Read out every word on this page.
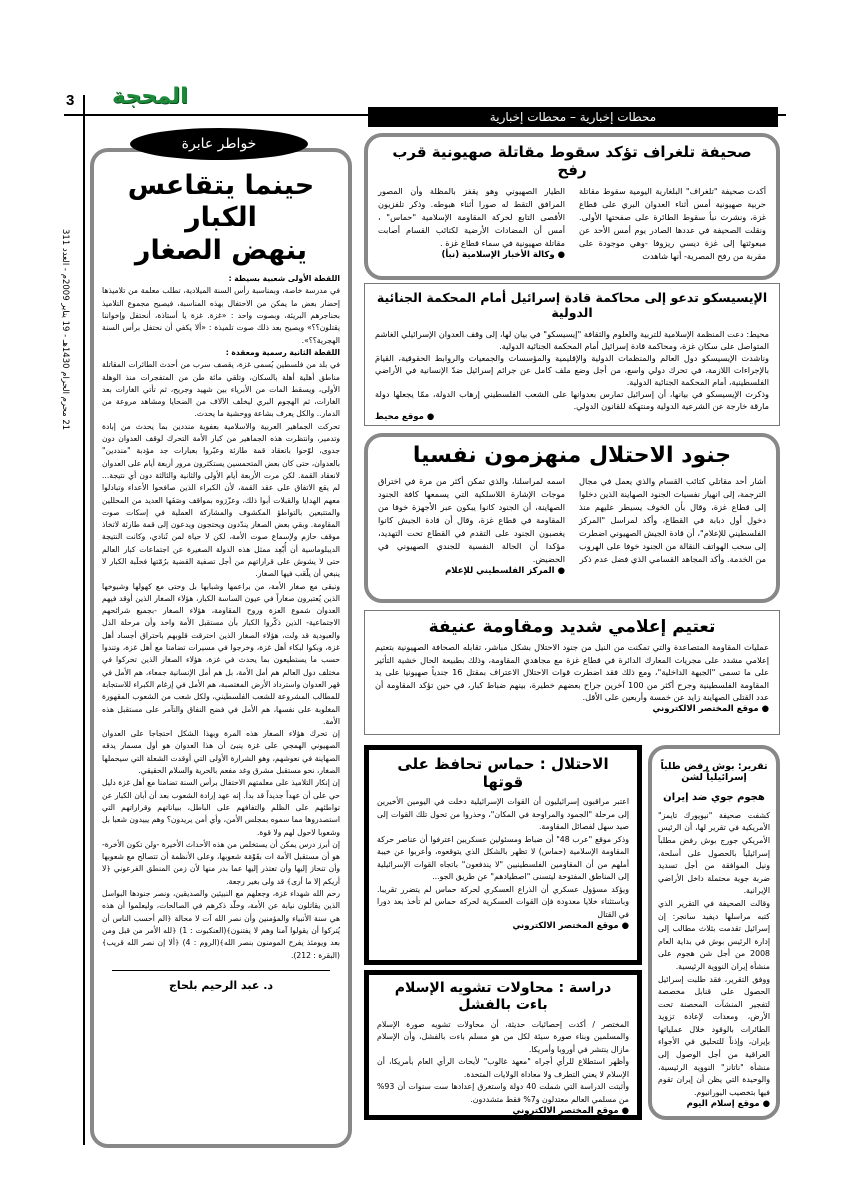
3 المحجة
21 محرم الحرام 1430هـ - 19 يناير 2009م - العدد 311
محطات إخبارية – محطات إخبارية
حينما يتقاعس الكبار
ينهض الصغار
اللقطة الأولى شعبية بسيطة :
في مدرسة خاصة، وبمناسبة رأس السنة الميلادية، تطلب معلمة من تلاميذها إحضار بعض ما يمكن من الاحتفال بهذه المناسبة، فيصيح مجموع التلاميذ بحناجرهم البريئة، وبصوت واحد : «غزة. غزة يا أستاذة، أنحتفل وإخواننا يقتلون؟؟» ويصيح بعد ذلك صوت تلميذة : «ألا يكفي أن نحتفل برأس السنة الهجرية؟؟».
اللقطة الثانية رسمية ومعقدة :
في بلد من فلسطين يُسمى غزة، يقصف سرب من أحدث الطائرات المقاتلة مناطق أهلية أهلة بالسكان، وتلقي مائة طن من المتفجرات منذ الوهلة الأولى، ويسقط المات من الأبرياء بين شهيد وجريح، ثم تأتي الغارات بعد الغارات، ثم الهجوم البري ليخلف الآلاف من الضحايا ومشاهد مروعة من الدمار.. والكل يعرف بشاعة ووحشية ما يحدث.
تحركت الجماهير العربية والاسلامية بعفوية منددين بما يحدث من إبادة وتدمير، وانتظرت هذه الجماهير من كبار الأمة التحرك لوقف العدوان دون جدوى، لوّحوا بانعقاد قمة طارئة وعبّروا بعبارات جد مؤدبة "منددين" بالعدوان، حتى كان بعض المتحمسين يستكثرون مرور أربعة أيام على العدوان لانعقاد القمة. لكن مرت الأربعة أيام الأولى والثانية والثالثة دون أي نتيجة... لم يقع الاتفاق على عقد القمة، لأن الكبراء الذين صافحوا الأعداء وتبادلوا معهم الهدايا والقبلات أبوا ذلك، وعزّزوه بمواقف وصَفَها العديد من المحللين والمتتبعين بالتواطؤ المكشوف والمشاركة العملية في إسكات صوت المقاومة. وبقي بعض الصغار يندّدون ويحتجون ويدعون إلى قمة طارئة لاتخاذ موقف حازم ولإسماع صوت الأمة، لكن لا حياة لمن تُنادي، وكانت النتيجة الديبلوماسية أن أُبْعِد ممثل هذه الدولة الصغيرة عن اجتماعات كبار العالم حتى لا يشوش على قراراتهم من أجل تصفية القضية برُمّتها فحلَبة الكبار لا ينبغي أن يلْعَب فيها الصغار.
ونبقى مع صغار الأمة، من براعمها وشبابها بل وحتى مع كهولها وشيوخها الذين يُعتبرون صغاراً في عيون الساسة الكبار، هؤلاء الصغار الذين أوقد فيهم العدوان شموع العزة وروح المقاومة، هؤلاء الصغار -بجميع شرائحهم الاجتماعية- الذين ذكّروا الكبار بأن مستقبل الأمة واحد وأن مرحلة الذل والعبودية قد ولت، هؤلاء الصغار الذين احترقت قلوبهم باحتراق أجساد أهل غزة، وبكوا لبكاء أهل غزة، وخرجوا في مسيرات تضامنا مع أهل غزة، وتندوا حسب ما يستطيعون بما يحدث في غزة، هؤلاء الصغار الذين تحركوا في مختلف دول العالم هم أمل الأمة، بل هم أمل الإنسانية جمعاء، هم الأمل في قهر العدوان واسترداد الأرض المغتصبة، هم الأمل في إرغام الكبراء للاستجابة للمطالب المشروعة للشعب الفلسطيني، ولكل شعب من الشعوب المقهورة المغلوبة على نفسها، هم الأمل في فضح النفاق والتآمر على مستقبل هذه الأمة.
إن تحرك هؤلاء الصغار هذه المرة وبهذا الشكل احتجاجا على العدوان الصهيوني الهمجي على غزة ينبئ أن هذا العدوان هو أول مسمار يدقه الصهاينة في نعوشهم، وهو الشرارة الأولى التي أوقدت الشعلة التي سيحملها الصغار، نحو مستقبل مشرق وغد مفعم بالحرية والسلام الحقيقي.
إن إنكار التلاميذ على معلمتهم الاحتفال برأس السنة تضامنا مع أهل غزة دليل حي على أن عهداً جديداً قد بدأ. إنه عهد إرادة الشعوب بعد أن أبان الكبار عن تواطئهم على الظلم والتفافهم على الباطل، ببياناتهم وقراراتهم التي استصدروها مما سموه بمجلس الأمن، وأي أمن يريدون؟ وهم يبيدون شعبا بل وشعوبا لاحول لهم ولا قوة.
إن أبرز درس يمكن أن يستخلص من هذه الأحداث الأخيرة -ولن تكون الأخرة- هو أن مستقبل الأمة ات بقَوْمَة شعوبها، وعلى الأنظمة أن تتصالح مع شعوبها وأن تنحاز إليها وأن تعتذر إليها عما بدر منها لأن زمن المنطق الفرعوني ﴿لا أريكم إلا ما أرى﴾ قد ولى بغير رجعة.
رحم الله شهداء غزة، وجعلهم مع النبيئين والصديقين، ونصر جنودها البواسل الذين يقاتلون نيابة عن الأمة، وخلّد ذكرهم في الصالحات، وليعلموا أن هذه هي سنة الأنبياء والمؤمنين وأن نصر الله آت لا محالة ﴿الم أحسب الناس أن يُتركوا أن يقولوا آمنا وهم لا يفتنون﴾(العنكبوت : 1) ﴿لله الأمر من قبل ومن بعد ويومئذ يفرح المومنون بنصر الله﴾(الروم : 4) ﴿ألا إن نصر الله قريب﴾(البقرة : 212).
د. عبد الرحيم بلحاج
خواطر عابرة	صحيفة تلغراف تؤكد سقوط مقاتلة صهيونية قرب رفح
أكدت صحيفة "تلغراف" البلغارية اليومية سقوط مقاتلة حربية صهيونية أمس أثناء العدوان البري على قطاع غزة، ونشرت نبأ سقوط الطائرة على صفحتها الأولى. ونقلت الصحيفة في عددها الصادر يوم أمس الأحد عن مبعوثتها إلى غزة ديسي ريزوفا -وهي موجودة على مقربة من رفح المصرية- أنها شاهدت
الطيار الصهيوني وهو يقفز بالمظلة وأن المصور المرافق التقط له صورا أثناء هبوطه. وذكر تلفزيون الأقصى التابع لحركة المقاومة الإسلامية "حماس" ، أمس أن المضادات الأرضية لكتائب القسام أصابت مقاتلة صهيونية في سماء قطاع غزة .
● وكالة الأخبار الإسلامية (نبأ)
الإيسيسكو تدعو إلى محاكمة قادة إسرائيل أمام المحكمة الجنائية الدولية
محيط: دعت المنظمة الإسلامية للتربية والعلوم والثقافة "إيسيسكو" في بيان لها، إلى وقف العدوان الإسرائيلي الغاشم المتواصل على سكان غزة، ومحاكمة قادة إسرائيل أمام المحكمة الجنائية الدولية.
وناشدت الإيسيسكو دول العالم والمنظمات الدولية والإقليمية والمؤسسات والجمعيات والروابط الحقوقية، القيامَ بالإجراءات اللازمة، في تحرك دولي واسع، من أجل وضع ملف كامل عن جرائم إسرائيل ضدّ الإنسانية في الأراضي الفلسطينية، أمام المحكمة الجنائية الدولية.
وذكرت الإيسيسكو في بيانها، أن إسرائيل تمارس بعدوانها على الشعب الفلسطيني إرهاب الدولة، ممّا يجعلها دولة مارقة خارجة عن الشرعية الدولية ومنتهكة للقانون الدولي.
● موقع محيط
جنود الاحتلال منهزمون نفسيا
أشار أحد مقاتلي كتائب القسام والذي يعمل في مجال الترجمة، إلى انهيار نفسيات الجنود الصهاينة الذين دخلوا إلى قطاع غزة، وقال بأن الخوف يسيطر عليهم منذ دخول أول دبابة في القطاع، وأكد لمراسل "المركز الفلسطيني للإعلام"، أن قادة الجيش الصهيوني اضطرت إلى سحب الهواتف النقالة من الجنود خوفا على الهروب من الخدمة. وأكد المجاهد القسامي الذي فضل عدم ذكر
اسمه لمراسلنا، والذي تمكن أكثر من مرة في اختراق موجات الإشارة اللاسلكية التي يسمعها كافة الجنود الصهاينة، أن الجنود كانوا يبكون عبر الأجهزة خوفا من المقاومة في قطاع غزة، وقال أن قادة الجيش كانوا يغصبون الجنود على التقدم في القطاع تحت التهديد، مؤكدا أن الحالة النفسية للجندي الصهيوني في الحضيض.
● المركز الفلسطيني للإعلام
تعتيم إعلامي شديد ومقاومة عنيفة
عمليات المقاومة المتصاعدة والتي تمكنت من النيل من جنود الاحتلال بشكل مباشر، تقابله الصحافة الصهيونية بتعتيم إعلامي مشدد على مجريات المعارك الدائرة في قطاع غزة مع مجاهدي المقاومة، وذلك بطبيعة الحال خشية التأثير على ما تسمى "الجبهة الداخلية"، ومع ذلك فقد اضطرت قوات الاحتلال الاعتراف بمقتل 16 جندياً صهيونيا على يد المقاومة الفلسطينية وجرح أكثر من 100 آخرين جراح بعضهم خطيرة، بينهم ضباط كبار، في حين تؤكد المقاومة أن عدد القتلى الصهاينة زايد عن خمسة وأربعين على الأقل.
● موقع المختصر الالكتروني
الاحتلال : حماس تحافظ على قوتها
اعتبر مراقبون إسرائيليون أن القوات الإسرائيلية دخلت في اليومين الأخيرين إلى مرحلة "الجمود والمراوحة في المكان"، وحذروا من تحول تلك القوات إلى صيد سهل لفصائل المقاومة.
وذكر موقع "عرب 48" أن ضباط ومسئولين عسكريين اعترفوا أن عناصر حركة المقاومة الإسلامية (حماس) لا تظهر بالشكل الذي يتوقعوه، وأعربوا عن خيبة أملهم من أن المقاومين الفلسطينيين "لا يندفعون" باتجاه القوات الإسرائيلية إلى المناطق المفتوحة ليتسنى "اصطيادهم" عن طريق الجو...
ويؤكد مسؤول عسكري أن الذراع العسكري لحركة حماس لم يتضرر تقريبا. وباستثناء خلايا معدودة فإن القوات العسكرية لحركة حماس لم تأخذ بعد دورا في القتال
● موقع المختصر الالكتروني
دراسة : محاولات تشويه الإسلام باءت بالفشل
المختصر / أكدت إحصائيات حديثة، أن محاولات تشويه صورة الإسلام والمسلمين وبناء صورة سيئة لكل من هو مسلم باءت بالفشل، وأن الإسلام مازال ينتشر في أوروبا وأمريكا.
وأظهر استطلاع للرأي أجراه "معهد غالوب" لأبحاث الرأي العام بأمريكا، أن الإسلام لا يعني التطرف ولا معاداة الولايات المتحدة.
وأثبتت الدراسة التي شملت 40 دولة واستغرق إعدادها ست سنوات أن 93% من مسلمي العالم معتدلون و7% فقط متشددون.
● موقع المختصر الالكتروني
تقرير: بوش رفض طلباً إسرائيلياً لشن
هجوم جوي ضد إيران
كشفت صحيفة "نيويورك تايمز" الأمريكية في تقرير لها، أن الرئيس الأمريكي جورج بوش رفض مطلباً إسرائيلياً بالحصول على أسلحة، ونيل الموافقة من أجل تسديد ضربة جوية محتملة داخل الأراضي الإيرانية.
وقالت الصحيفة في التقرير الذي كتبه مراسلها ديفيد سانجر: إن إسرائيل تقدمت بثلاث مطالب إلى إدارة الرئيس بوش في بداية العام 2008 من أجل شن هجوم على منشأة إيران النووية الرئيسية.
ووفق التقرير، فقد طلبت إسرائيل الحصول على قنابل مخصصة لتفجير المنشآت المحصنة تحت الأرض، ومعدات لإعادة تزويد الطائرات بالوقود خلال عملياتها بإيران، وإذناً للتحليق في الأجواء العراقية من أجل الوصول إلى منشأة "ناتانز" النووية الرئيسية، والوحيدة التي يظن أن إيران تقوم فيها بتخصيب اليورانيوم.
● موقع إسلام اليوم
